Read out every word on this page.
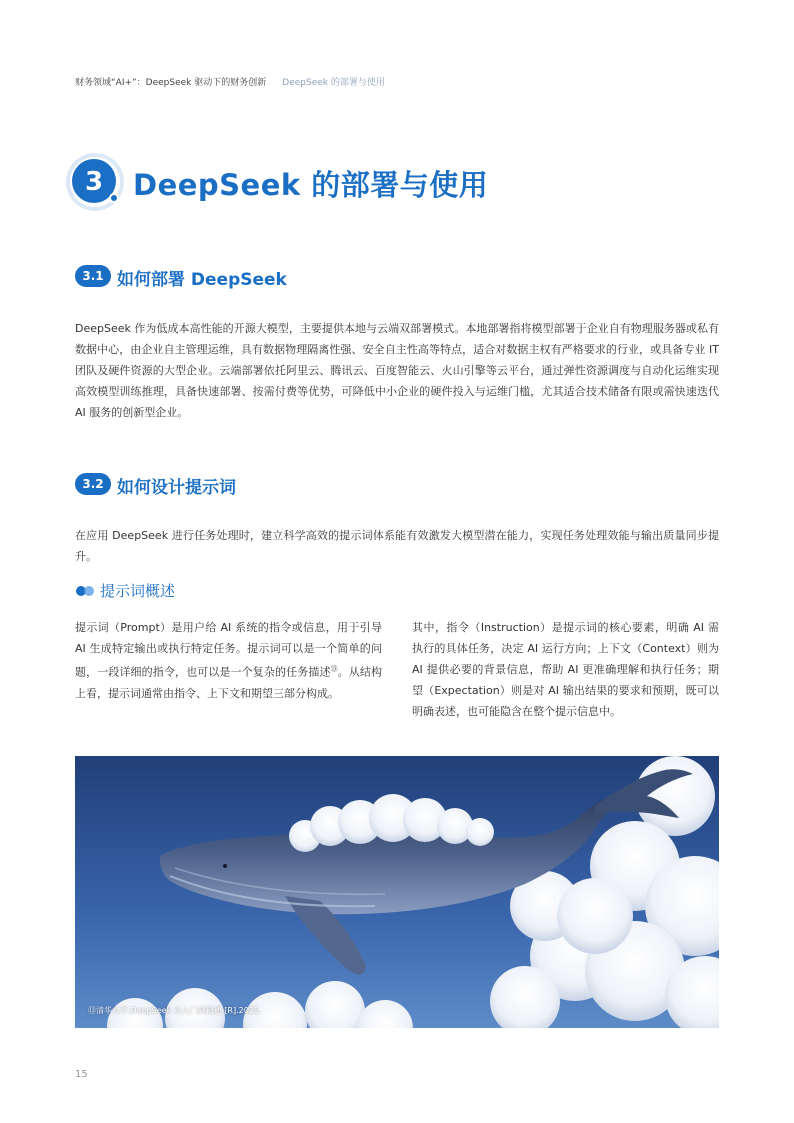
财务领域“AI+”：DeepSeek 驱动下的财务创新 DeepSeek 的部署与使用
3 DeepSeek 的部署与使用
3.1 如何部署 DeepSeek
DeepSeek 作为低成本高性能的开源大模型，主要提供本地与云端双部署模式。本地部署指将模型部署于企业自有物理服务器或私有数据中心，由企业自主管理运维，具有数据物理隔离性强、安全自主性高等特点，适合对数据主权有严格要求的行业，或具备专业 IT 团队及硬件资源的大型企业。云端部署依托阿里云、腾讯云、百度智能云、火山引擎等云平台，通过弹性资源调度与自动化运维实现高效模型训练推理，具备快速部署、按需付费等优势，可降低中小企业的硬件投入与运维门槛，尤其适合技术储备有限或需快速迭代 AI 服务的创新型企业。
3.2 如何设计提示词
在应用 DeepSeek 进行任务处理时，建立科学高效的提示词体系能有效激发大模型潜在能力，实现任务处理效能与输出质量同步提升。
提示词概述
提示词（Prompt）是用户给 AI 系统的指令或信息，用于引导 AI 生成特定输出或执行特定任务。提示词可以是一个简单的问题，一段详细的指令，也可以是一个复杂的任务描述⑬。从结构上看，提示词通常由指令、上下文和期望三部分构成。
其中，指令（Instruction）是提示词的核心要素，明确 AI 需执行的具体任务，决定 AI 运行方向；上下文（Context）则为 AI 提供必要的背景信息，帮助 AI 更准确理解和执行任务；期望（Expectation）则是对 AI 输出结果的要求和预期，既可以明确表述，也可能隐含在整个提示信息中。
⑬清华大学.DeepSeek 从入门到精通 [R].2025.
15
